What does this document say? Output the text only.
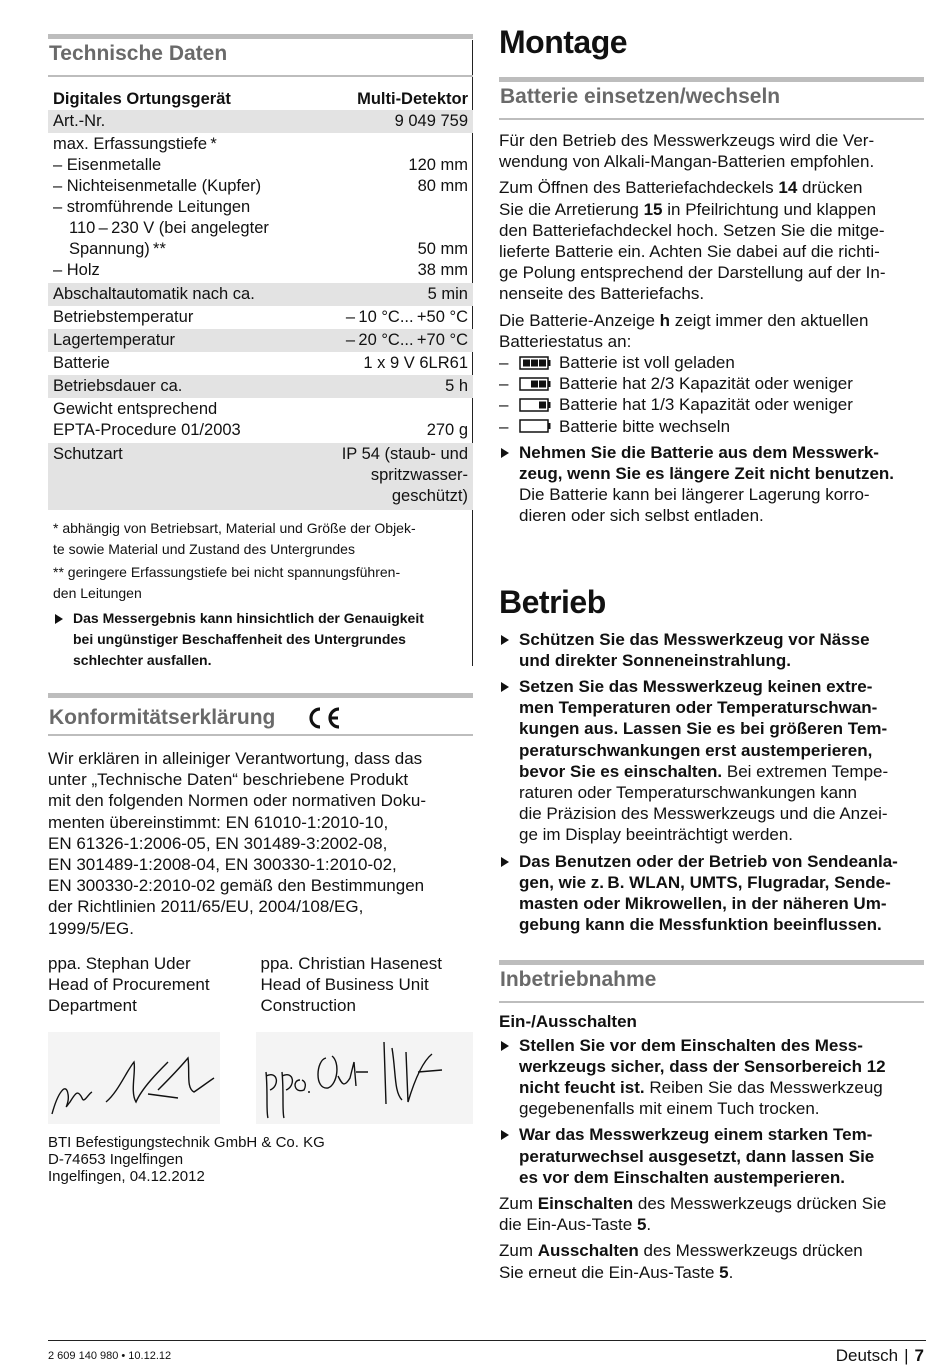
Technische Daten
Digitales Ortungsgerät	Multi-Detektor
Art.-Nr.	9 049 759
max. Erfassungstiefe *
– Eisenmetalle	120 mm
– Nichteisenmetalle (Kupfer)	80 mm
– stromführende Leitungen
110 – 230 V (bei angelegter
Spannung) **	50 mm
– Holz	38 mm
Abschaltautomatik nach ca.	5 min
Betriebstemperatur	– 10 °C... +50 °C
Lagertemperatur	– 20 °C... +70 °C
Batterie	1 x 9 V 6LR61
Betriebsdauer ca.	5 h
Gewicht entsprechend
EPTA-Procedure 01/2003	270 g
Schutzart	IP 54 (staub- und
spritzwasser-
geschützt)

* abhängig von Betriebsart, Material und Größe der Objek-
te sowie Material und Zustand des Untergrundes

** geringere Erfassungstiefe bei nicht spannungsführen-
den Leitungen

Das Messergebnis kann hinsichtlich der Genauigkeit
bei ungünstiger Beschaffenheit des Untergrundes
schlechter ausfallen.
Konformitätserklärung
Wir erklären in alleiniger Verantwortung, dass das
unter „Technische Daten“ beschriebene Produkt
mit den folgenden Normen oder normativen Doku-
menten übereinstimmt: EN 61010-1:2010-10,
EN 61326-1:2006-05, EN 301489-3:2002-08,
EN 301489-1:2008-04, EN 300330-1:2010-02,
EN 300330-2:2010-02 gemäß den Bestimmungen
der Richtlinien 2011/65/EU, 2004/108/EG,
1999/5/EG.
ppa. Stephan Uder
Head of Procurement
Department
ppa. Christian Hasenest
Head of Business Unit
Construction
BTI Befestigungstechnik GmbH & Co. KG
D-74653 Ingelfingen
Ingelfingen, 04.12.2012
Montage
Batterie einsetzen/wechseln
Für den Betrieb des Messwerkzeugs wird die Ver-
wendung von Alkali-Mangan-Batterien empfohlen.
Zum Öffnen des Batteriefachdeckels 14 drücken
Sie die Arretierung 15 in Pfeilrichtung und klappen
den Batteriefachdeckel hoch. Setzen Sie die mitge-
lieferte Batterie ein. Achten Sie dabei auf die richti-
ge Polung entsprechend der Darstellung auf der In-
nenseite des Batteriefachs.
Die Batterie-Anzeige h zeigt immer den aktuellen
Batteriestatus an:
–	Batterie ist voll geladen
–	Batterie hat 2/3 Kapazität oder weniger
–	Batterie hat 1/3 Kapazität oder weniger
–	Batterie bitte wechseln
Nehmen Sie die Batterie aus dem Messwerk-
zeug, wenn Sie es längere Zeit nicht benutzen.
Die Batterie kann bei längerer Lagerung korro-
dieren oder sich selbst entladen.
Betrieb
Schützen Sie das Messwerkzeug vor Nässe
und direkter Sonneneinstrahlung.
Setzen Sie das Messwerkzeug keinen extre-
men Temperaturen oder Temperaturschwan-
kungen aus. Lassen Sie es bei größeren Tem-
peraturschwankungen erst austemperieren,
bevor Sie es einschalten. Bei extremen Tempe-
raturen oder Temperaturschwankungen kann
die Präzision des Messwerkzeugs und die Anzei-
ge im Display beeinträchtigt werden.
Das Benutzen oder der Betrieb von Sendeanla-
gen, wie z. B. WLAN, UMTS, Flugradar, Sende-
masten oder Mikrowellen, in der näheren Um-
gebung kann die Messfunktion beeinflussen.
Inbetriebnahme
Ein-/Ausschalten
Stellen Sie vor dem Einschalten des Mess-
werkzeugs sicher, dass der Sensorbereich 12
nicht feucht ist. Reiben Sie das Messwerkzeug
gegebenenfalls mit einem Tuch trocken.
War das Messwerkzeug einem starken Tem-
peraturwechsel ausgesetzt, dann lassen Sie
es vor dem Einschalten austemperieren.
Zum Einschalten des Messwerkzeugs drücken Sie
die Ein-Aus-Taste 5.
Zum Ausschalten des Messwerkzeugs drücken
Sie erneut die Ein-Aus-Taste 5.
2 609 140 980 • 10.12.12	Deutsch | 7
